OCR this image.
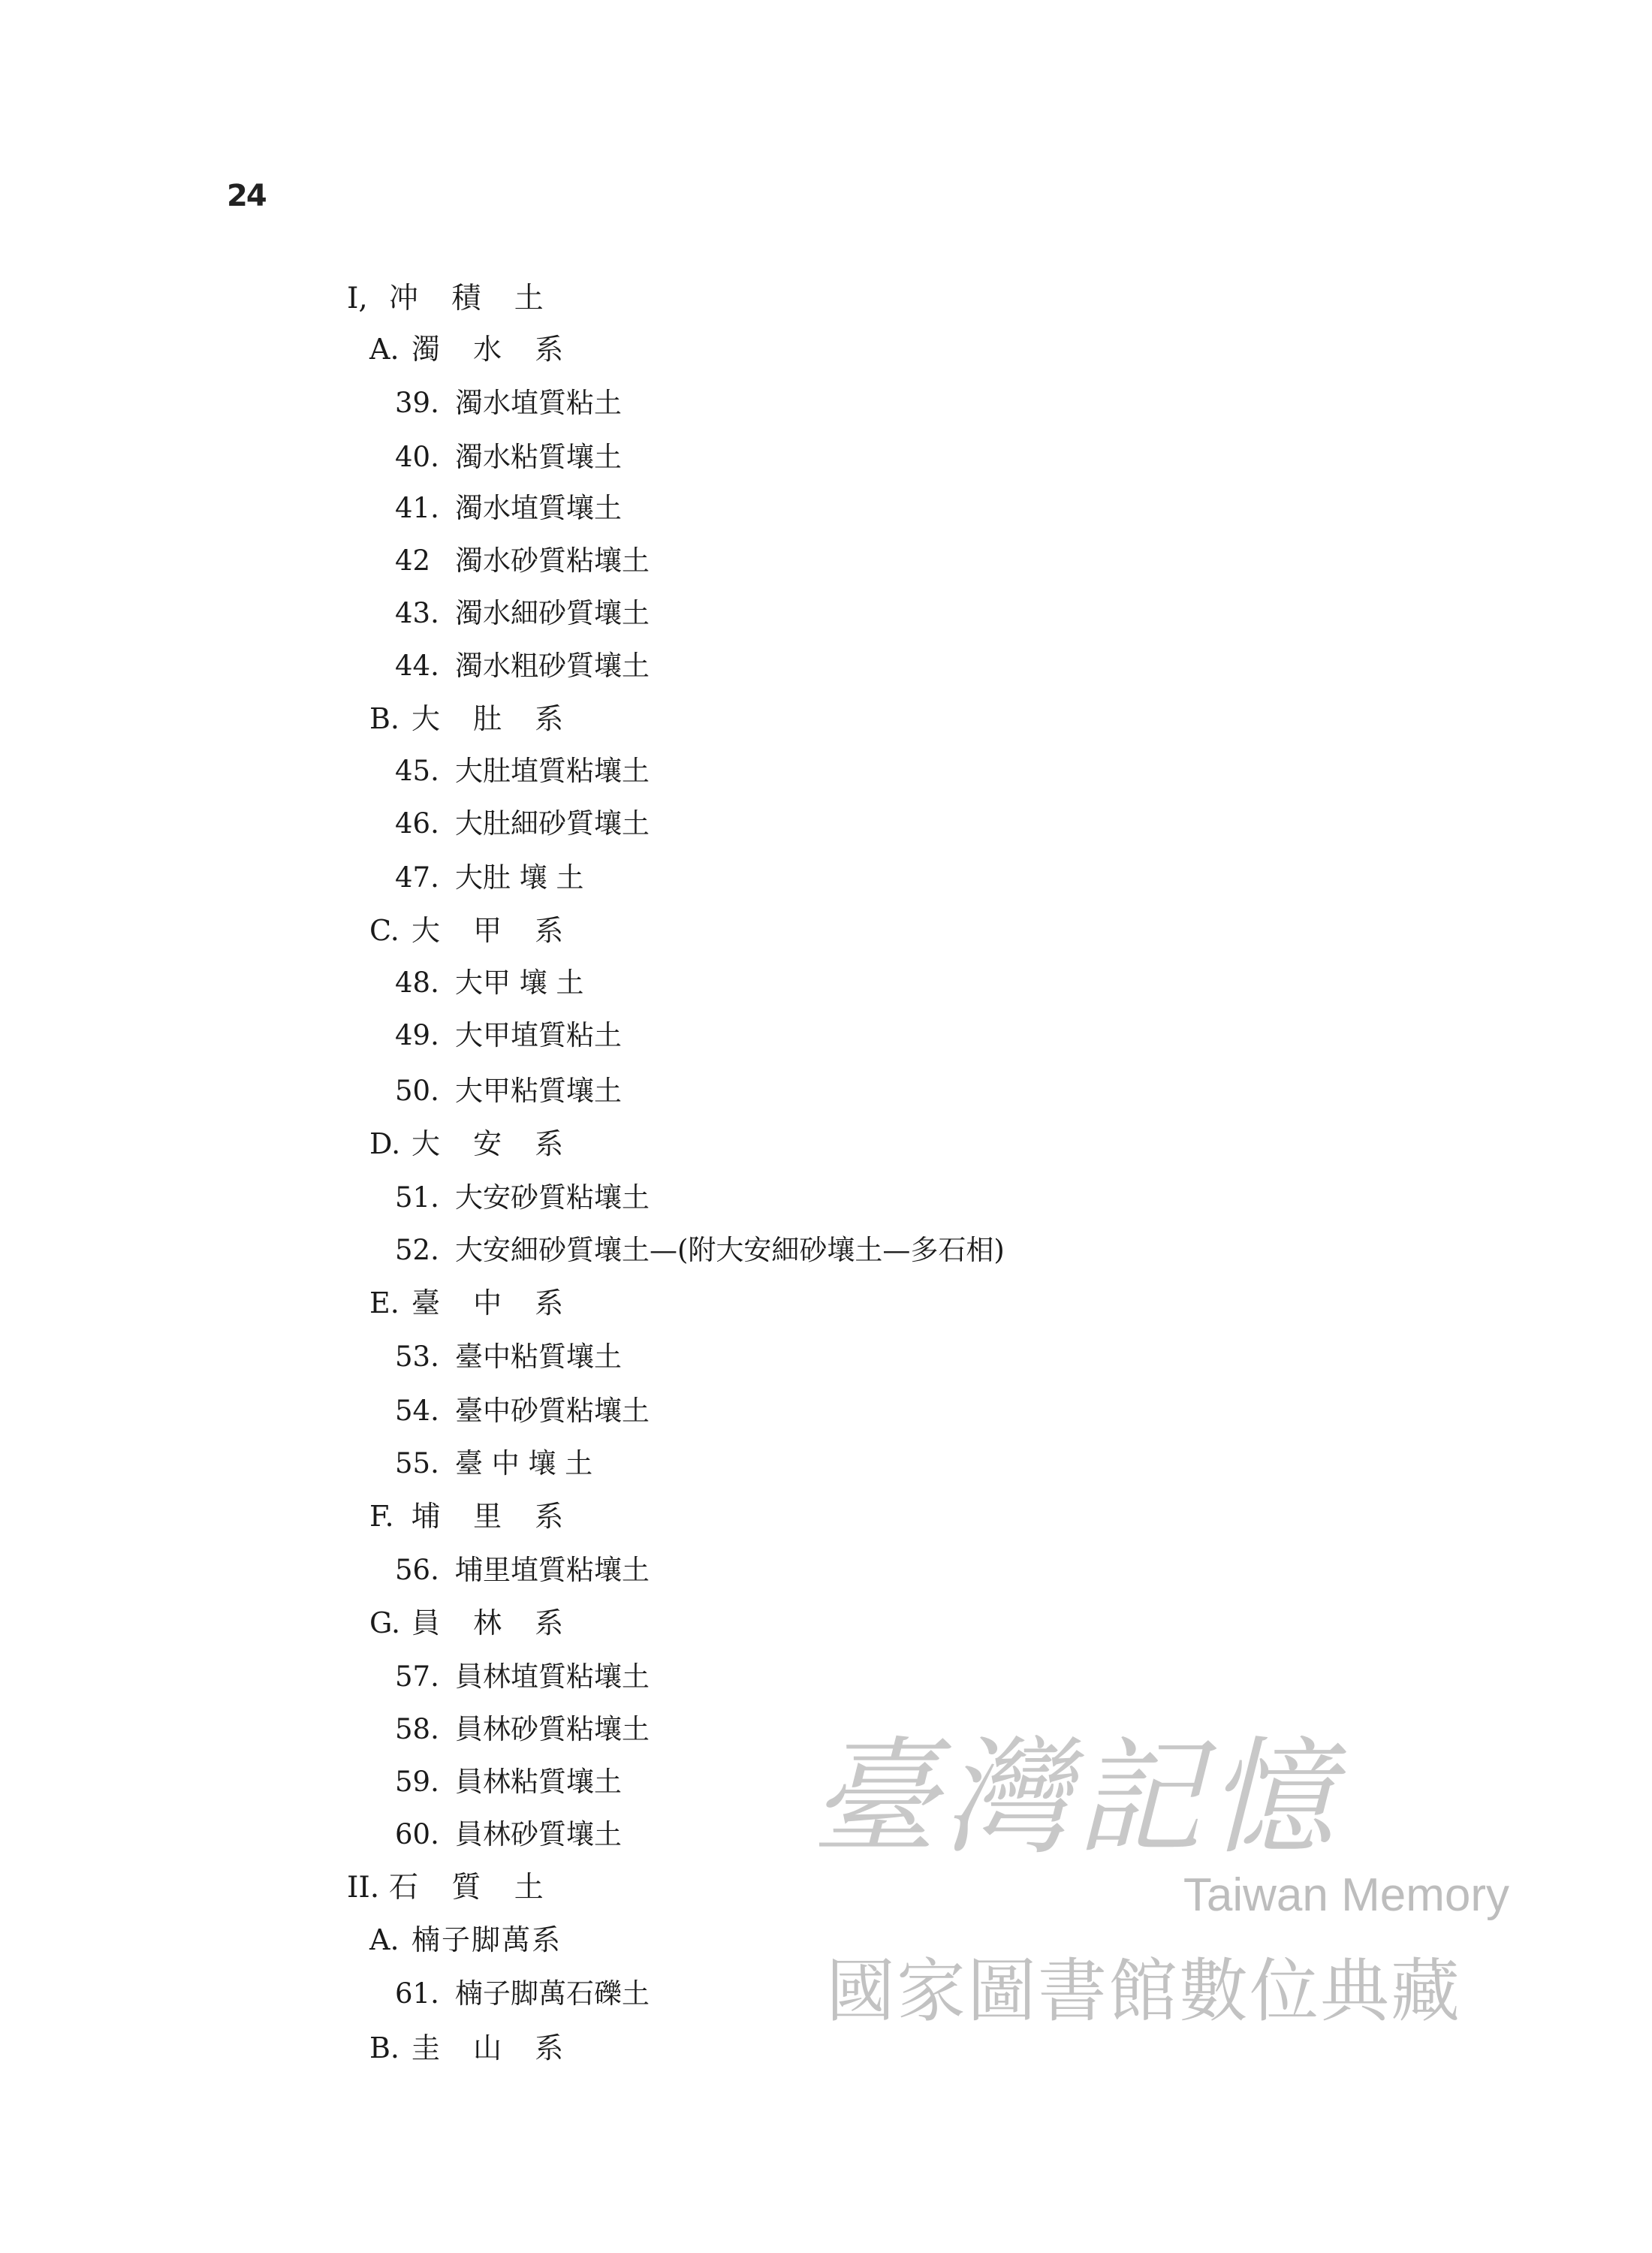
24
I, 冲 積 土
A. 濁 水 系
39. 濁水埴質粘土
40. 濁水粘質壤土
41. 濁水埴質壤土
42 濁水砂質粘壤土
43. 濁水細砂質壤土
44. 濁水粗砂質壤土
B. 大 肚 系
45. 大肚埴質粘壤土
46. 大肚細砂質壤土
47. 大肚 壤 土
C. 大 甲 系
48. 大甲 壤 土
49. 大甲埴質粘土
50. 大甲粘質壤土
D. 大 安 系
51. 大安砂質粘壤土
52. 大安細砂質壤土—(附大安細砂壤土—多石相)
E. 臺 中 系
53. 臺中粘質壤土
54. 臺中砂質粘壤土
55. 臺 中 壤 土
F. 埔 里 系
56. 埔里埴質粘壤土
G. 員 林 系
57. 員林埴質粘壤土
58. 員林砂質粘壤土
59. 員林粘質壤土
60. 員林砂質壤土
II. 石 質 土
A. 楠子脚萬系
61. 楠子脚萬石礫土
B. 圭 山 系
臺灣記憶
Taiwan Memory
國家圖書館數位典藏
